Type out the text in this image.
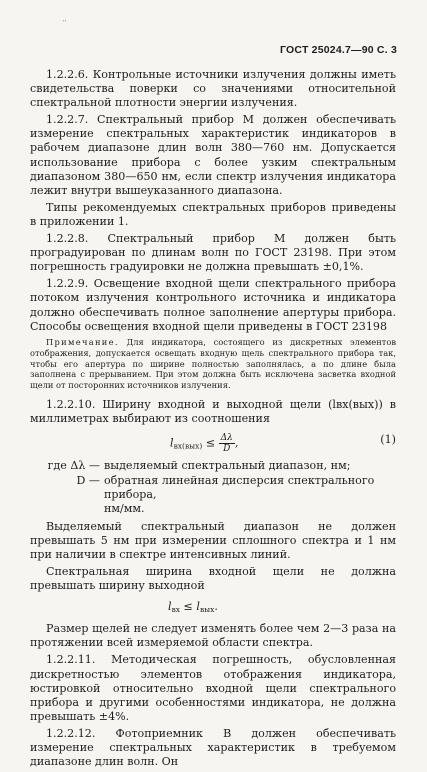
‘‘
ГОСТ 25024.7—90 С. 3

1.2.2.6. Контрольные источники излучения должны иметь свидетельства поверки со значениями относительной спектральной плотности энергии излучения.

1.2.2.7. Спектральный прибор M должен обеспечивать измерение спектральных характеристик индикаторов в рабочем диапазоне длин волн 380—760 нм. Допускается использование прибора с более узким спектральным диапазоном 380—650 нм, если спектр излучения индикатора лежит внутри вышеуказанного диапазона.

Типы рекомендуемых спектральных приборов приведены в приложении 1.

1.2.2.8. Спектральный прибор M должен быть проградуирован по длинам волн по ГОСТ 23198. При этом погрешность градуировки не должна превышать ±0,1%.

1.2.2.9. Освещение входной щели спектрального прибора потоком излучения контрольного источника и индикатора должно обеспечивать полное заполнение апертуры прибора. Способы освещения входной щели приведены в ГОСТ 23198

Примечание. Для индикатора, состоящего из дискретных элементов отображения, допускается освещать входную щель спектрального прибора так, чтобы его апертура по ширине полностью заполнялась, а по длине была заполнена с прерыванием. При этом должна быть исключена засветка входной щели от посторонних источников излучения.

1.2.2.10. Ширину входной и выходной щели (lвх(вых)) в миллиметрах выбирают из соотношения

$l_{вх(вых)} \le \frac{\Delta\lambda}{D}$ ,	(1)
где Δλ — выделяемый спектральный диапазон, нм;
D — обратная линейная дисперсия спектрального прибора,
нм/мм.

Выделяемый спектральный диапазон не должен превышать 5 нм при измерении сплошного спектра и 1 нм при наличии в спектре интенсивных линий.

Спектральная ширина входной щели не должна превышать ширину выходной

$l_{вх} \le l_{вых}$.

Размер щелей не следует изменять более чем 2—3 раза на протяжении всей измеряемой области спектра.

1.2.2.11. Методическая погрешность, обусловленная дискретностью элементов отображения индикатора, юстировкой относительно входной щели спектрального прибора и другими особенностями индикатора, не должна превышать ±4%.

1.2.2.12. Фотоприемник B должен обеспечивать измерение спектральных характеристик в требуемом диапазоне длин волн. Он
